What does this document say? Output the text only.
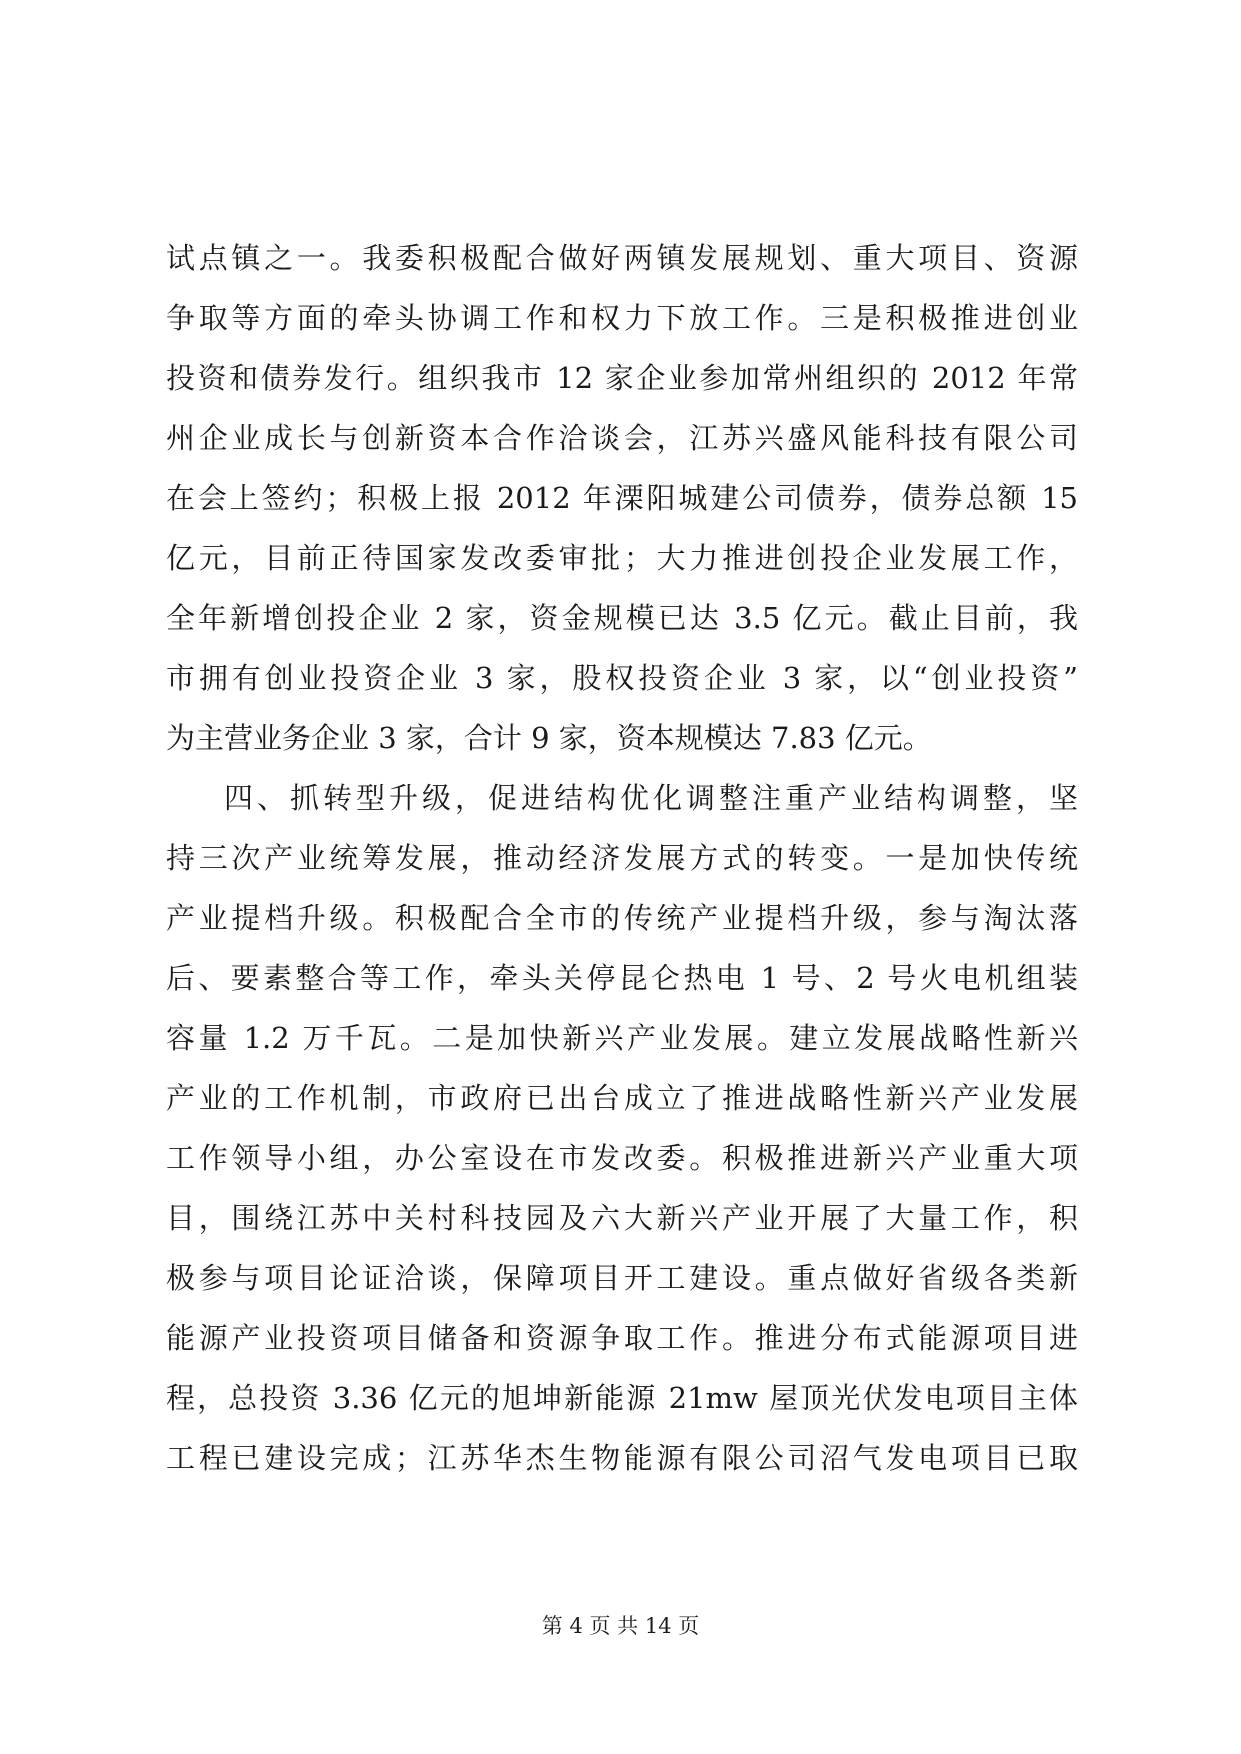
试点镇之一。我委积极配合做好两镇发展规划、重大项目、资源
争取等方面的牵头协调工作和权力下放工作。三是积极推进创业
投资和债券发行。组织我市 12 家企业参加常州组织的 2012 年常
州企业成长与创新资本合作洽谈会，江苏兴盛风能科技有限公司
在会上签约；积极上报 2012 年溧阳城建公司债券，债券总额 15
亿元，目前正待国家发改委审批；大力推进创投企业发展工作，
全年新增创投企业 2 家，资金规模已达 3.5 亿元。截止目前，我
市拥有创业投资企业 3 家，股权投资企业 3 家，以“创业投资”
为主营业务企业 3 家，合计 9 家，资本规模达 7.83 亿元。
四、抓转型升级，促进结构优化调整注重产业结构调整，坚
持三次产业统筹发展，推动经济发展方式的转变。一是加快传统
产业提档升级。积极配合全市的传统产业提档升级，参与淘汰落
后、要素整合等工作，牵头关停昆仑热电 1 号、2 号火电机组装
容量 1.2 万千瓦。二是加快新兴产业发展。建立发展战略性新兴
产业的工作机制，市政府已出台成立了推进战略性新兴产业发展
工作领导小组，办公室设在市发改委。积极推进新兴产业重大项
目，围绕江苏中关村科技园及六大新兴产业开展了大量工作，积
极参与项目论证洽谈，保障项目开工建设。重点做好省级各类新
能源产业投资项目储备和资源争取工作。推进分布式能源项目进
程，总投资 3.36 亿元的旭坤新能源 21mw 屋顶光伏发电项目主体
工程已建设完成；江苏华杰生物能源有限公司沼气发电项目已取
第 4 页 共 14 页
